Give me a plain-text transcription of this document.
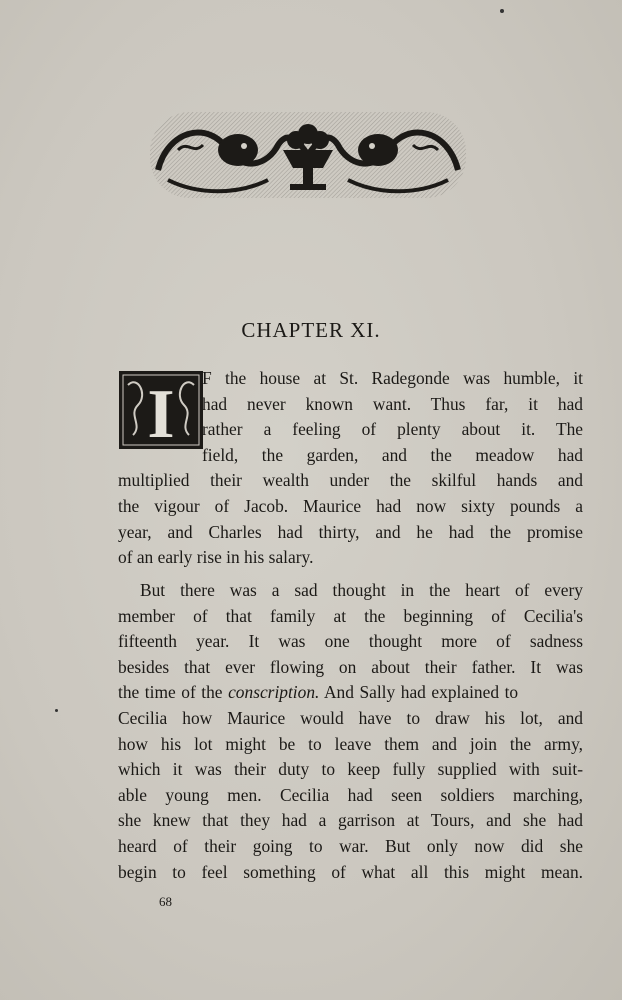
CHAPTER XI.
I	F the house at St. Radegonde was humble, it
had never known want. Thus far, it had
rather a feeling of plenty about it. The
field, the garden, and the meadow had
multiplied their wealth under the skilful hands and
the vigour of Jacob. Maurice had now sixty pounds a
year, and Charles had thirty, and he had the promise
of an early rise in his salary.
But there was a sad thought in the heart of every
member of that family at the beginning of Cecilia's
fifteenth year. It was one thought more of sadness
besides that ever flowing on about their father. It was
the time of the conscription. And Sally had explained to
Cecilia how Maurice would have to draw his lot, and
how his lot might be to leave them and join the army,
which it was their duty to keep fully supplied with suit-
able young men. Cecilia had seen soldiers marching,
she knew that they had a garrison at Tours, and she had
heard of their going to war. But only now did she
begin to feel something of what all this might mean.
68
